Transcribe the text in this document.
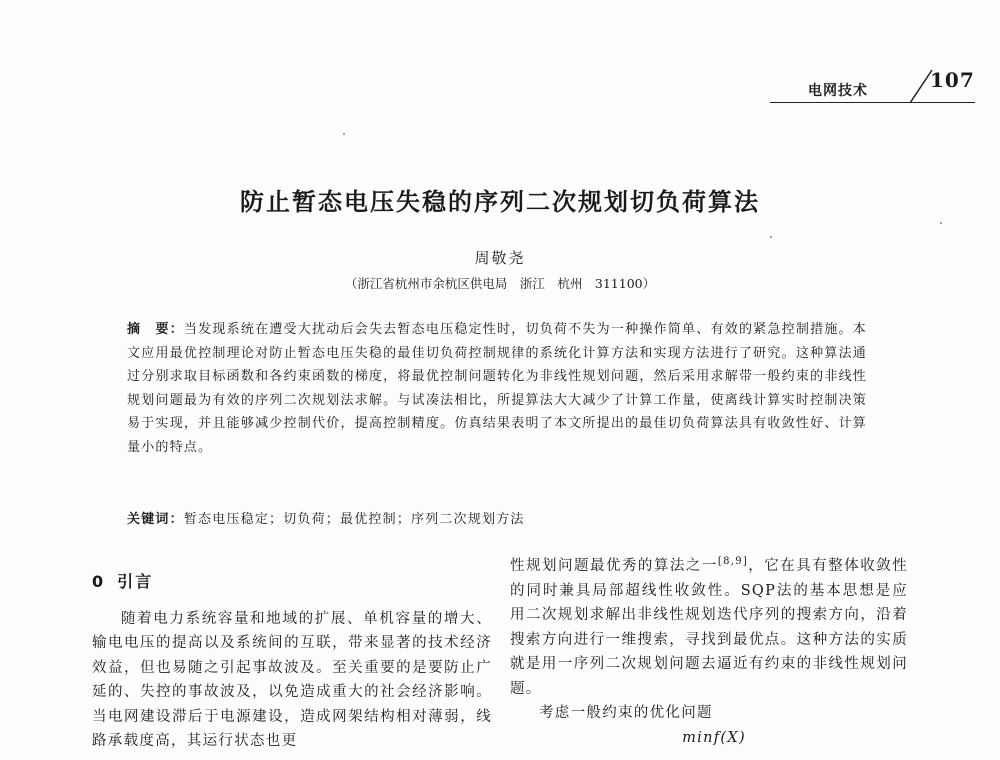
电网技术	107
防止暂态电压失稳的序列二次规划切负荷算法
周敬尧
（浙江省杭州市余杭区供电局　浙江　杭州　311100）
摘　要：当发现系统在遭受大扰动后会失去暂态电压稳定性时，切负荷不失为一种操作简单、有效的紧急控制措施。本文应用最优控制理论对防止暂态电压失稳的最佳切负荷控制规律的系统化计算方法和实现方法进行了研究。这种算法通过分别求取目标函数和各约束函数的梯度，将最优控制问题转化为非线性规划问题，然后采用求解带一般约束的非线性规划问题最为有效的序列二次规划法求解。与试凑法相比，所提算法大大减少了计算工作量，使离线计算实时控制决策易于实现，并且能够减少控制代价，提高控制精度。仿真结果表明了本文所提出的最佳切负荷算法具有收敛性好、计算量小的特点。
关键词：暂态电压稳定；切负荷；最优控制；序列二次规划方法
0 引言
随着电力系统容量和地域的扩展、单机容量的增大、输电电压的提高以及系统间的互联，带来显著的技术经济效益，但也易随之引起事故波及。至关重要的是要防止广延的、失控的事故波及，以免造成重大的社会经济影响。当电网建设滞后于电源建设，造成网架结构相对薄弱，线路承载度高，其运行状态也更
性规划问题最优秀的算法之一[8,9]，它在具有整体收敛性的同时兼具局部超线性收敛性。SQP法的基本思想是应用二次规划求解出非线性规划迭代序列的搜索方向，沿着搜索方向进行一维搜索，寻找到最优点。这种方法的实质就是用一序列二次规划问题去逼近有约束的非线性规划问题。
考虑一般约束的优化问题
minf(X)
